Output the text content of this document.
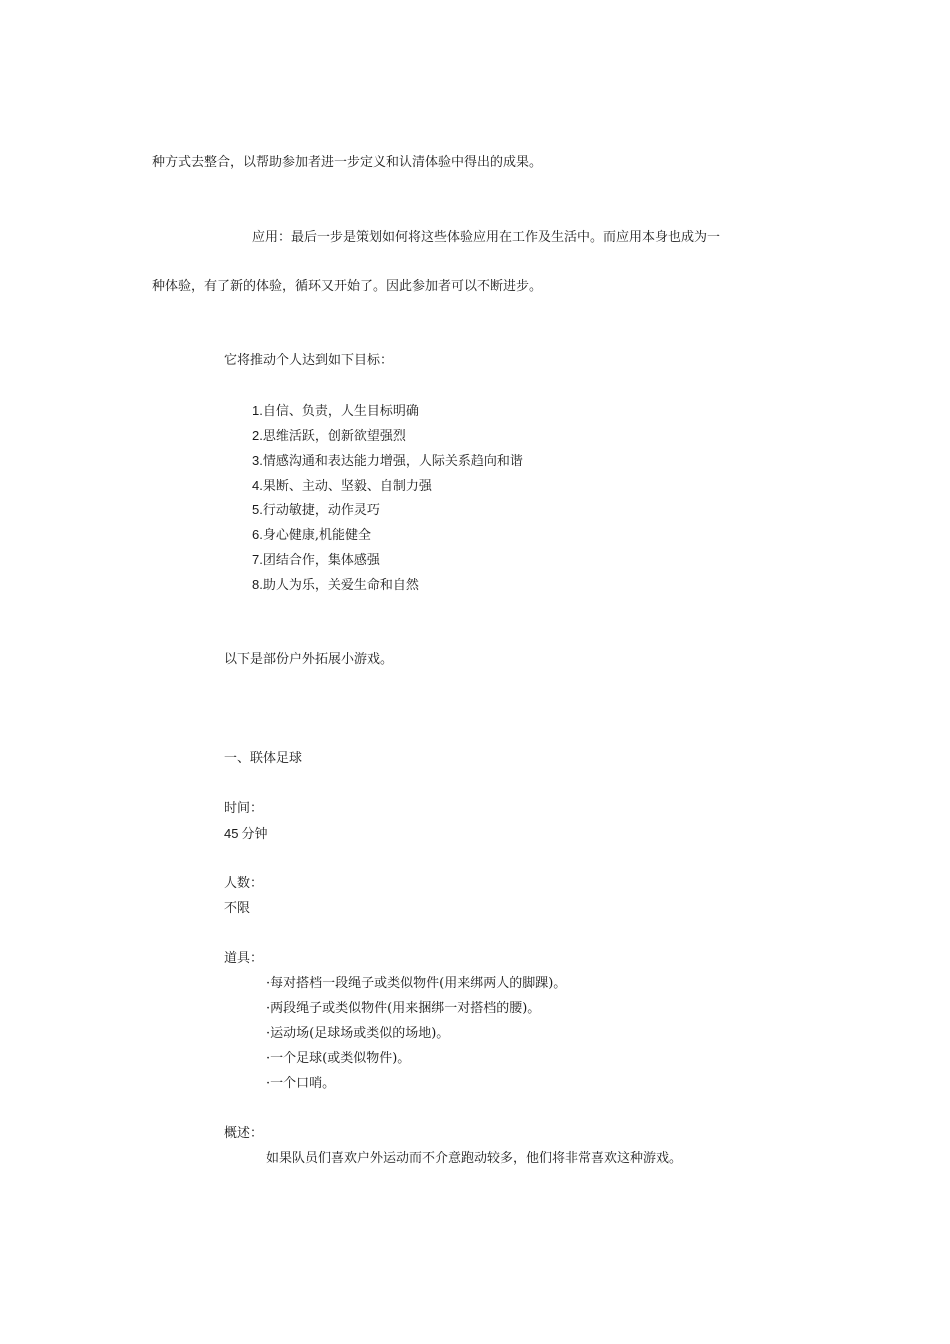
种方式去整合，以帮助参加者进一步定义和认清体验中得出的成果。
应用：最后一步是策划如何将这些体验应用在工作及生活中。而应用本身也成为一
种体验，有了新的体验，循环又开始了。因此参加者可以不断进步。
它将推动个人达到如下目标：
1.自信、负责，人生目标明确
2.思维活跃，创新欲望强烈
3.情感沟通和表达能力增强，人际关系趋向和谐
4.果断、主动、坚毅、自制力强
5.行动敏捷，动作灵巧
6.身心健康,机能健全
7.团结合作，集体感强
8.助人为乐，关爱生命和自然
以下是部份户外拓展小游戏。
一、联体足球
时间：
45 分钟
人数：
不限
道具：
·每对搭档一段绳子或类似物件(用来绑两人的脚踝)。
·两段绳子或类似物件(用来捆绑一对搭档的腰)。
·运动场(足球场或类似的场地)。
·一个足球(或类似物件)。
·一个口哨。
概述：
如果队员们喜欢户外运动而不介意跑动较多，他们将非常喜欢这种游戏。
